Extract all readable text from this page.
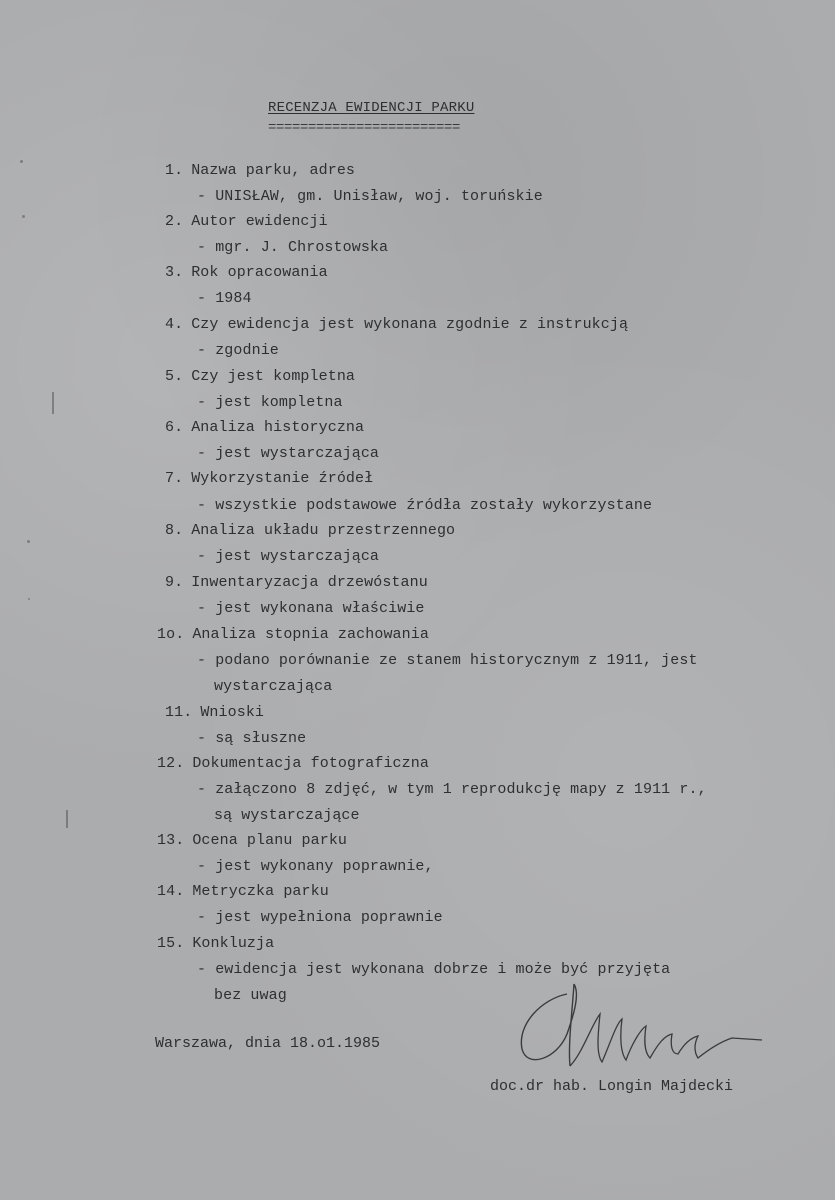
RECENZJA EWIDENCJI PARKU
========================
1. Nazwa parku, adres
- UNISŁAW, gm. Unisław, woj. toruńskie
2. Autor ewidencji
- mgr. J. Chrostowska
3. Rok opracowania
- 1984
4. Czy ewidencja jest wykonana zgodnie z instrukcją
- zgodnie
5. Czy jest kompletna
- jest kompletna
6. Analiza historyczna
- jest wystarczająca
7. Wykorzystanie źródeł
- wszystkie podstawowe źródła zostały wykorzystane
8. Analiza układu przestrzennego
- jest wystarczająca
9. Inwentaryzacja drzewóstanu
- jest wykonana właściwie
1o. Analiza stopnia zachowania
- podano porównanie ze stanem historycznym z 1911, jest
wystarczająca
11. Wnioski
- są słuszne
12. Dokumentacja fotograficzna
- załączono 8 zdjęć, w tym 1 reprodukcję mapy z 1911 r.,
są wystarczające
13. Ocena planu parku
- jest wykonany poprawnie,
14. Metryczka parku
- jest wypełniona poprawnie
15. Konkluzja
- ewidencja jest wykonana dobrze i może być przyjęta
bez uwag
Warszawa, dnia 18.o1.1985
doc.dr hab. Longin Majdecki
